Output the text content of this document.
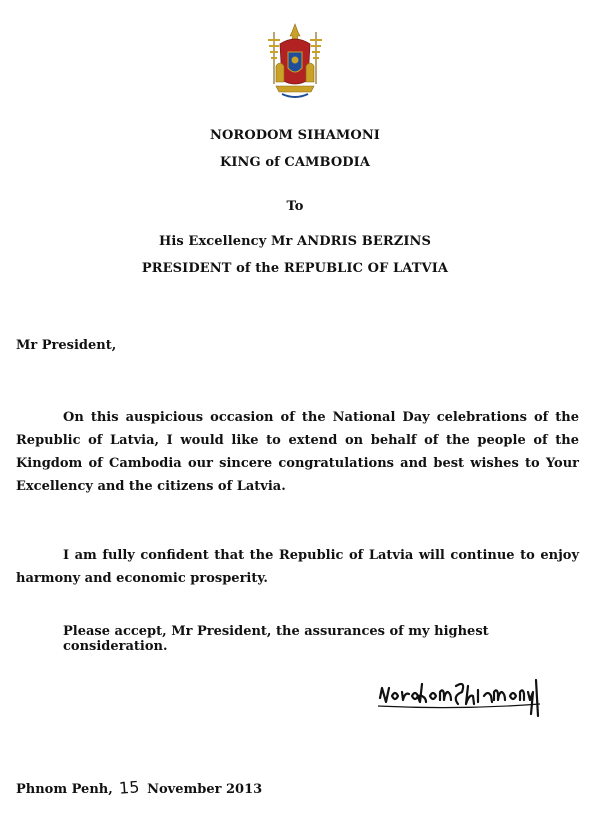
NORODOM SIHAMONI
KING of CAMBODIA
To
His Excellency Mr ANDRIS BERZINS
PRESIDENT of the REPUBLIC OF LATVIA
Mr President,

On this auspicious occasion of the National Day celebrations of the Republic of Latvia, I would like to extend on behalf of the people of the Kingdom of Cambodia our sincere congratulations and best wishes to Your Excellency and the citizens of Latvia.

I am fully confident that the Republic of Latvia will continue to enjoy harmony and economic prosperity.

Please accept, Mr President, the assurances of my highest consideration.
Phnom Penh, 15 November 2013
